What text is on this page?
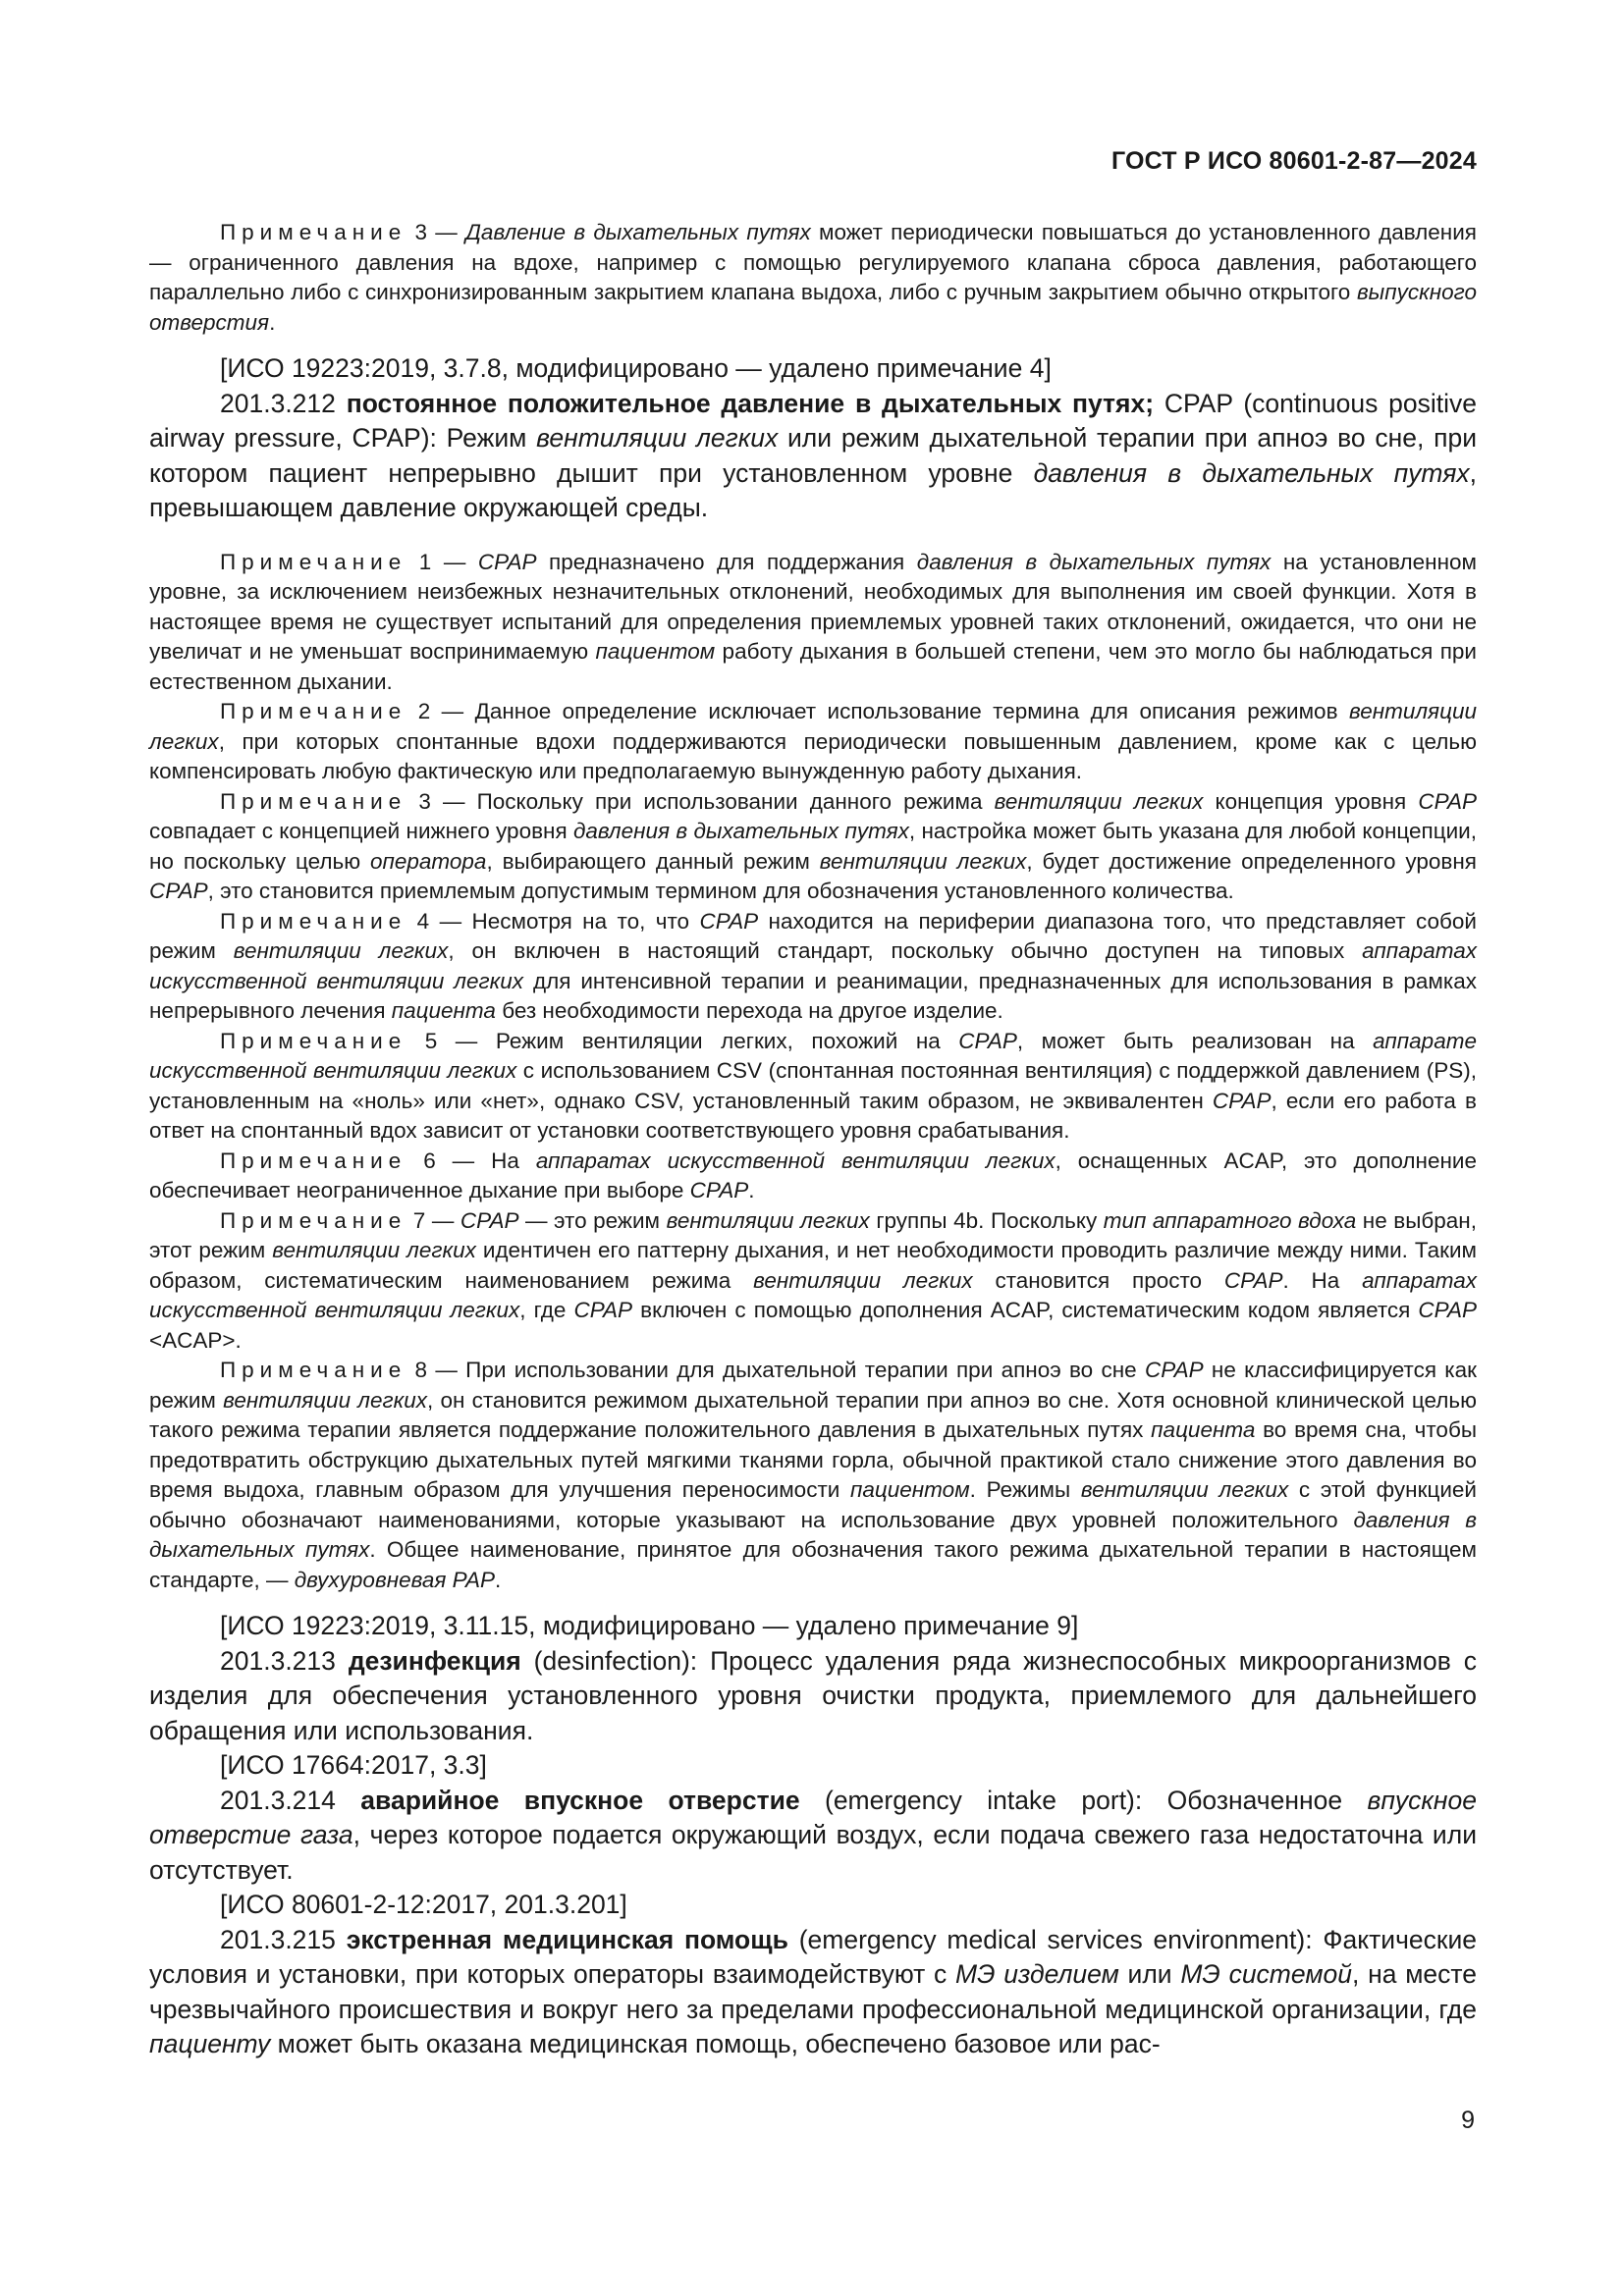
ГОСТ Р ИСО 80601-2-87—2024

Примечание 3 — Давление в дыхательных путях может периодически повышаться до установленного давления — ограниченного давления на вдохе, например с помощью регулируемого клапана сброса давления, работающего параллельно либо с синхронизированным закрытием клапана выдоха, либо с ручным закрытием обычно открытого выпускного отверстия.

[ИСО 19223:2019, 3.7.8, модифицировано — удалено примечание 4]

201.3.212 постоянное положительное давление в дыхательных путях; CPAP (continuous positive airway pressure, CPAP): Режим вентиляции легких или режим дыхательной терапии при апноэ во сне, при котором пациент непрерывно дышит при установленном уровне давления в дыхательных путях, превышающем давление окружающей среды.

Примечание 1 — CPAP предназначено для поддержания давления в дыхательных путях на установленном уровне, за исключением неизбежных незначительных отклонений, необходимых для выполнения им своей функции. Хотя в настоящее время не существует испытаний для определения приемлемых уровней таких отклонений, ожидается, что они не увеличат и не уменьшат воспринимаемую пациентом работу дыхания в большей степени, чем это могло бы наблюдаться при естественном дыхании.

Примечание 2 — Данное определение исключает использование термина для описания режимов вентиляции легких, при которых спонтанные вдохи поддерживаются периодически повышенным давлением, кроме как с целью компенсировать любую фактическую или предполагаемую вынужденную работу дыхания.

Примечание 3 — Поскольку при использовании данного режима вентиляции легких концепция уровня CPAP совпадает с концепцией нижнего уровня давления в дыхательных путях, настройка может быть указана для любой концепции, но поскольку целью оператора, выбирающего данный режим вентиляции легких, будет достижение определенного уровня CPAP, это становится приемлемым допустимым термином для обозначения установленного количества.

Примечание 4 — Несмотря на то, что CPAP находится на периферии диапазона того, что представляет собой режим вентиляции легких, он включен в настоящий стандарт, поскольку обычно доступен на типовых аппаратах искусственной вентиляции легких для интенсивной терапии и реанимации, предназначенных для использования в рамках непрерывного лечения пациента без необходимости перехода на другое изделие.

Примечание 5 — Режим вентиляции легких, похожий на CPAP, может быть реализован на аппарате искусственной вентиляции легких с использованием CSV (спонтанная постоянная вентиляция) с поддержкой давлением (PS), установленным на «ноль» или «нет», однако CSV, установленный таким образом, не эквивалентен CPAP, если его работа в ответ на спонтанный вдох зависит от установки соответствующего уровня срабатывания.

Примечание 6 — На аппаратах искусственной вентиляции легких, оснащенных ACAP, это дополнение обеспечивает неограниченное дыхание при выборе CPAP.

Примечание 7 — CPAP — это режим вентиляции легких группы 4b. Поскольку тип аппаратного вдоха не выбран, этот режим вентиляции легких идентичен его паттерну дыхания, и нет необходимости проводить различие между ними. Таким образом, систематическим наименованием режима вентиляции легких становится просто CPAP. На аппаратах искусственной вентиляции легких, где CPAP включен с помощью дополнения ACAP, систематическим кодом является CPAP <ACAP>.

Примечание 8 — При использовании для дыхательной терапии при апноэ во сне CPAP не классифицируется как режим вентиляции легких, он становится режимом дыхательной терапии при апноэ во сне. Хотя основной клинической целью такого режима терапии является поддержание положительного давления в дыхательных путях пациента во время сна, чтобы предотвратить обструкцию дыхательных путей мягкими тканями горла, обычной практикой стало снижение этого давления во время выдоха, главным образом для улучшения переносимости пациентом. Режимы вентиляции легких с этой функцией обычно обозначают наименованиями, которые указывают на использование двух уровней положительного давления в дыхательных путях. Общее наименование, принятое для обозначения такого режима дыхательной терапии в настоящем стандарте, — двухуровневая PAP.

[ИСО 19223:2019, 3.11.15, модифицировано — удалено примечание 9]

201.3.213 дезинфекция (desinfection): Процесс удаления ряда жизнеспособных микроорганизмов с изделия для обеспечения установленного уровня очистки продукта, приемлемого для дальнейшего обращения или использования.

[ИСО 17664:2017, 3.3]

201.3.214 аварийное впускное отверстие (emergency intake port): Обозначенное впускное отверстие газа, через которое подается окружающий воздух, если подача свежего газа недостаточна или отсутствует.

[ИСО 80601-2-12:2017, 201.3.201]

201.3.215 экстренная медицинская помощь (emergency medical services environment): Фактические условия и установки, при которых операторы взаимодействуют с МЭ изделием или МЭ системой, на месте чрезвычайного происшествия и вокруг него за пределами профессиональной медицинской организации, где пациенту может быть оказана медицинская помощь, обеспечено базовое или рас-

9
